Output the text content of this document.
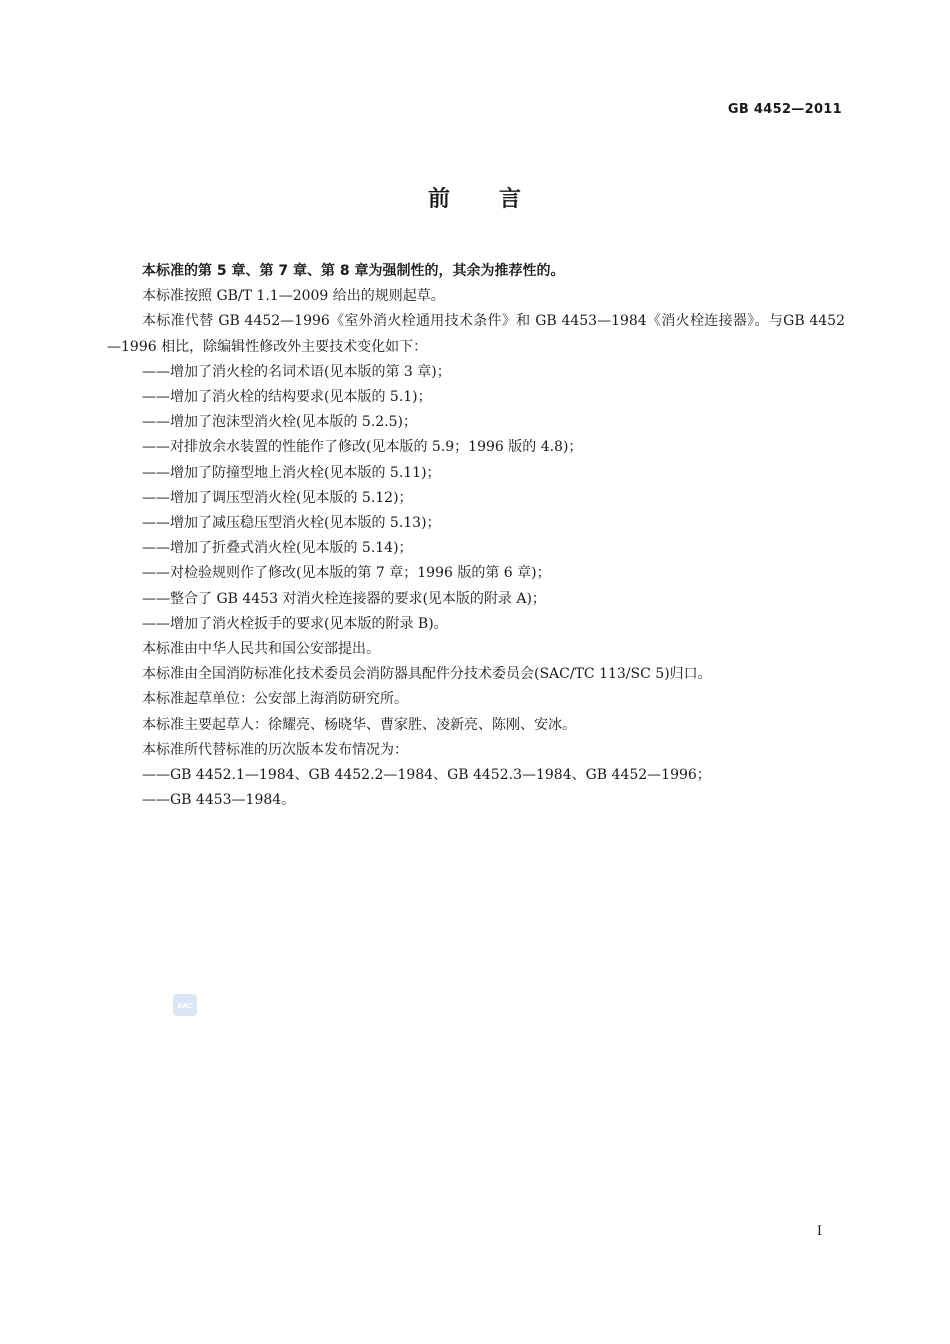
GB 4452—2011
前 言

本标准的第 5 章、第 7 章、第 8 章为强制性的，其余为推荐性的。

本标准按照 GB/T 1.1—2009 给出的规则起草。

本标准代替 GB 4452—1996《室外消火栓通用技术条件》和 GB 4453—1984《消火栓连接器》。与GB 4452—1996 相比，除编辑性修改外主要技术变化如下：

——增加了消火栓的名词术语(见本版的第 3 章)；

——增加了消火栓的结构要求(见本版的 5.1)；

——增加了泡沫型消火栓(见本版的 5.2.5)；

——对排放余水装置的性能作了修改(见本版的 5.9；1996 版的 4.8)；

——增加了防撞型地上消火栓(见本版的 5.11)；

——增加了调压型消火栓(见本版的 5.12)；

——增加了减压稳压型消火栓(见本版的 5.13)；

——增加了折叠式消火栓(见本版的 5.14)；

——对检验规则作了修改(见本版的第 7 章；1996 版的第 6 章)；

——整合了 GB 4453 对消火栓连接器的要求(见本版的附录 A)；

——增加了消火栓扳手的要求(见本版的附录 B)。

本标准由中华人民共和国公安部提出。

本标准由全国消防标准化技术委员会消防器具配件分技术委员会(SAC/TC 113/SC 5)归口。

本标准起草单位：公安部上海消防研究所。

本标准主要起草人：徐耀亮、杨晓华、曹家胜、凌新亮、陈刚、安冰。

本标准所代替标准的历次版本发布情况为：

——GB 4452.1—1984、GB 4452.2—1984、GB 4452.3—1984、GB 4452—1996；

——GB 4453—1984。

SAC
I
